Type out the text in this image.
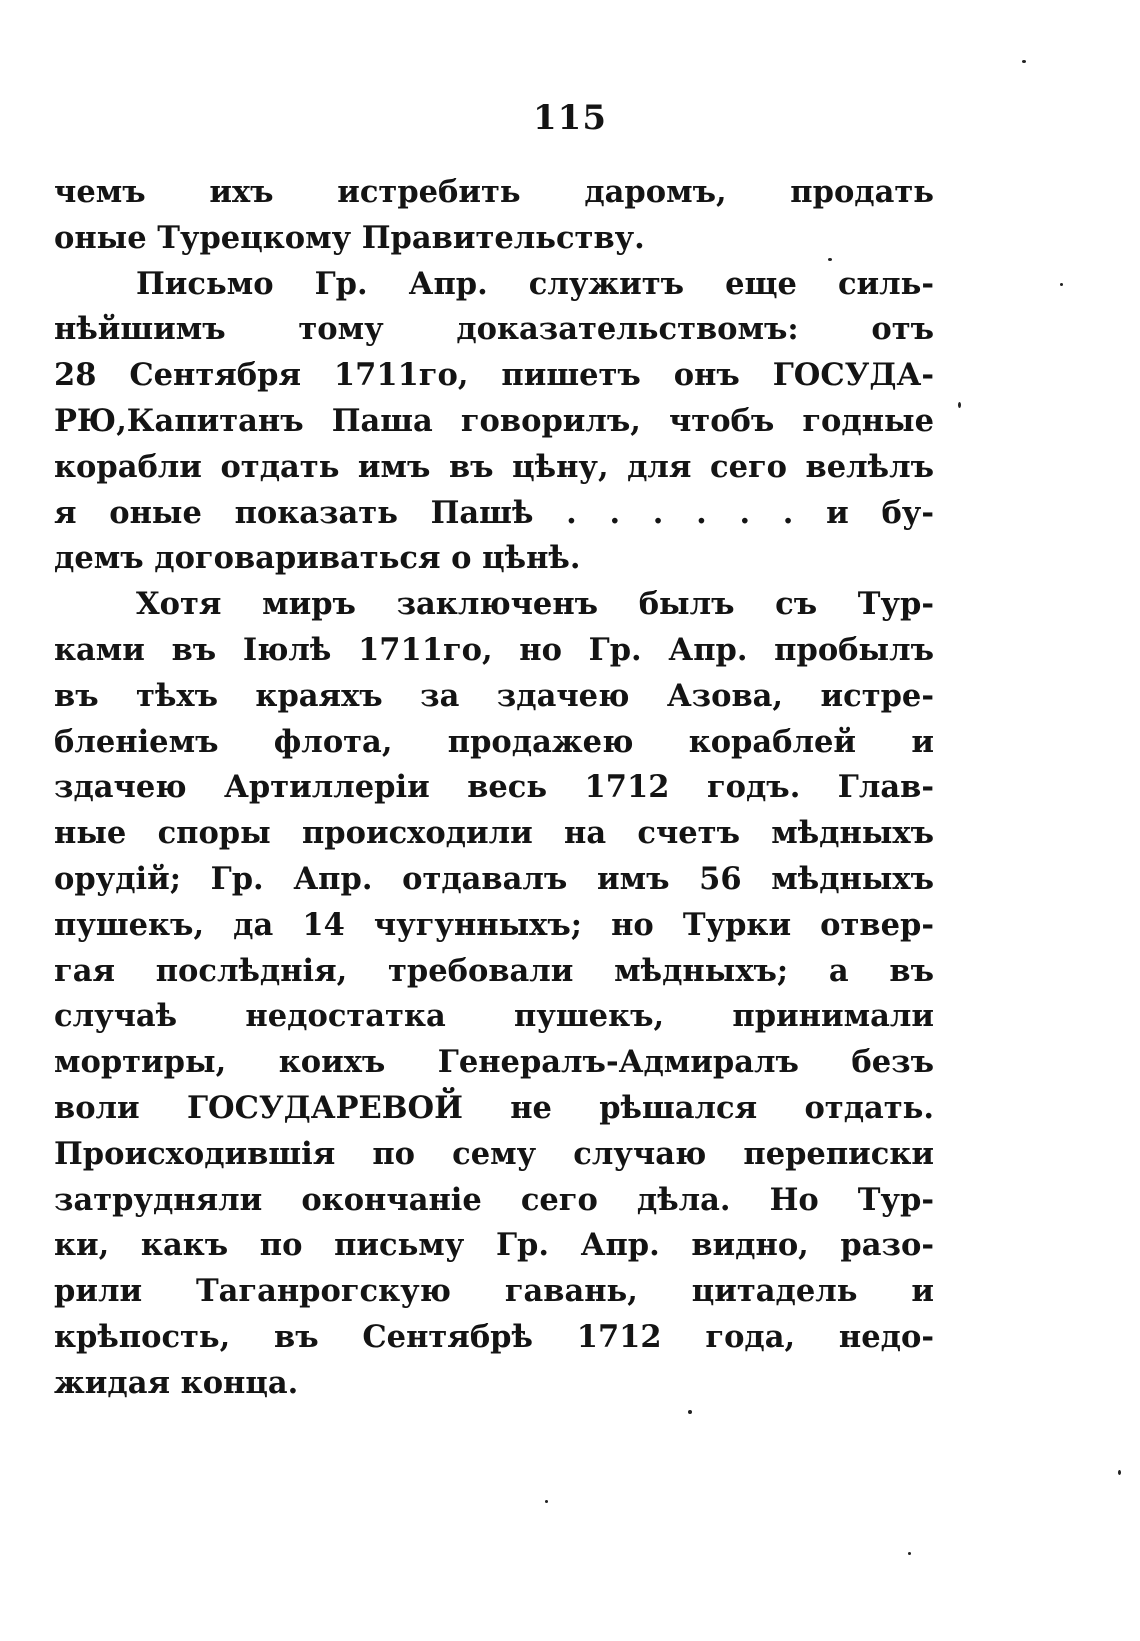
115
чемъ ихъ истребить даромъ, продать
оные Турецкому Правительству.
Письмо Гр. Апр. служитъ еще силь-
нѣйшимъ тому доказательствомъ: отъ
28 Сентября 1711го, пишетъ онъ ГОСУДА-
РЮ,Капитанъ Паша говорилъ, чтобъ годные
корабли отдать имъ въ цѣну, для сего велѣлъ
я оные показать Пашѣ . . . . . . и бу-
демъ договариваться о цѣнѣ.
Хотя миръ заключенъ былъ съ Тур-
ками въ Іюлѣ 1711го, но Гр. Апр. пробылъ
въ тѣхъ краяхъ за здачею Азова, истре-
бленіемъ флота, продажею кораблей и
здачею Артиллеріи весь 1712 годъ. Глав-
ные споры происходили на счетъ мѣдныхъ
орудій; Гр. Апр. отдавалъ имъ 56 мѣдныхъ
пушекъ, да 14 чугунныхъ; но Турки отвер-
гая послѣднія, требовали мѣдныхъ; а въ
случаѣ недостатка пушекъ, принимали
мортиры, коихъ Генералъ-Адмиралъ безъ
воли ГОСУДАРЕВОЙ не рѣшался отдать.
Происходившія по сему случаю переписки
затрудняли окончаніе сего дѣла. Но Тур-
ки, какъ по письму Гр. Апр. видно, разо-
рили Таганрогскую гавань, цитадель и
крѣпость, въ Сентябрѣ 1712 года, недо-
жидая конца.
